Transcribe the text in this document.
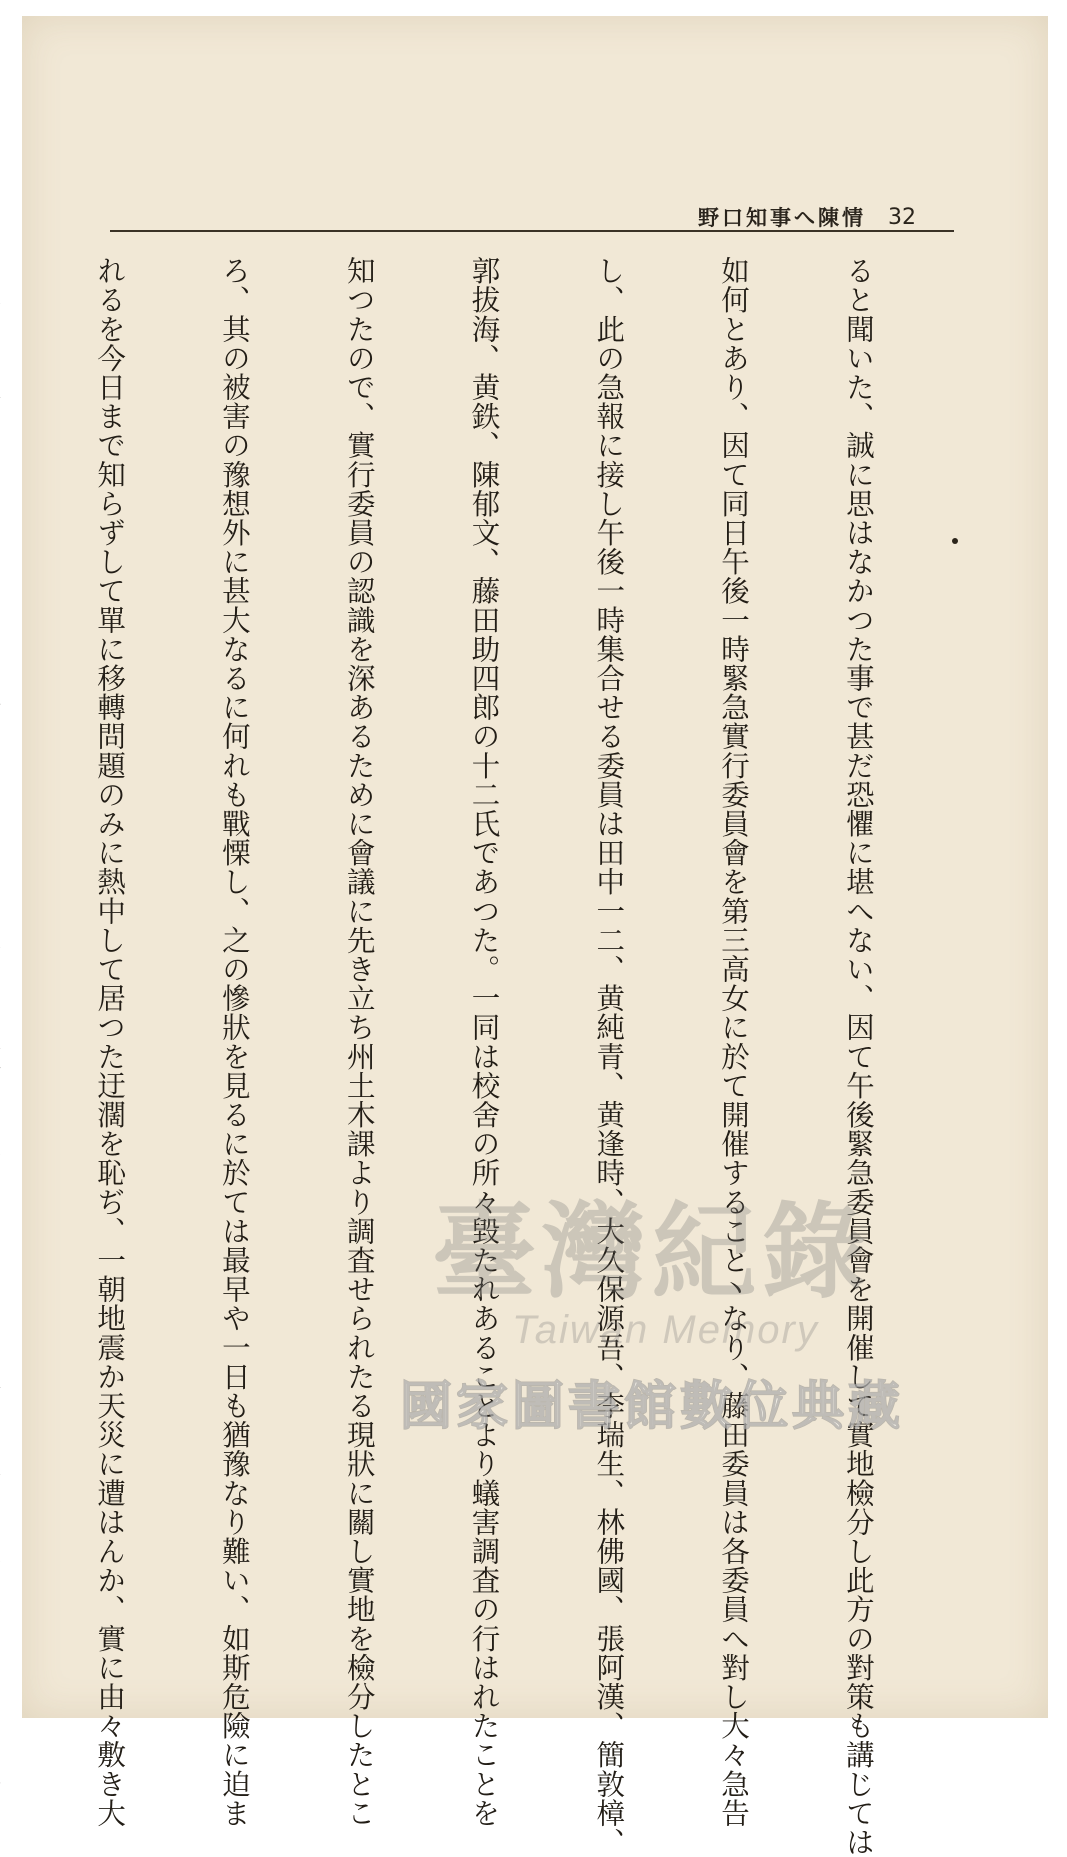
野口知事へ陳情 32

ると聞いた、誠に思はなかつた事で甚だ恐懼に堪へない、因て午後緊急委員會を開催して實地檢分し此方の對策も講じては

如何とあり、因て同日午後一時緊急實行委員會を第三高女に於て開催すること丶なり、藤田委員は各委員へ對し大々急告

し、此の急報に接し午後一時集合せる委員は田中一二、黄純青、黄逢時、大久保源吾、李瑞生、林佛國、張阿漢、簡敦樟、

郭拔海、黄鉄、陳郁文、藤田助四郎の十二氏であつた。一同は校舍の所々毀たれあることより蟻害調査の行はれたことを

知つたので、實行委員の認識を深あるために會議に先き立ち州土木課より調査せられたる現狀に關し實地を檢分したとこ

ろ、其の被害の豫想外に甚大なるに何れも戰慄し、之の慘狀を見るに於ては最早や一日も猶豫なり難い、如斯危險に迫ま

れるを今日まで知らずして單に移轉問題のみに熱中して居つた迂濶を恥ぢ、一朝地震か天災に遭はんか、實に由々敷き大

	臺灣紀錄
Taiwan Memory
國家圖書館數位典藏
